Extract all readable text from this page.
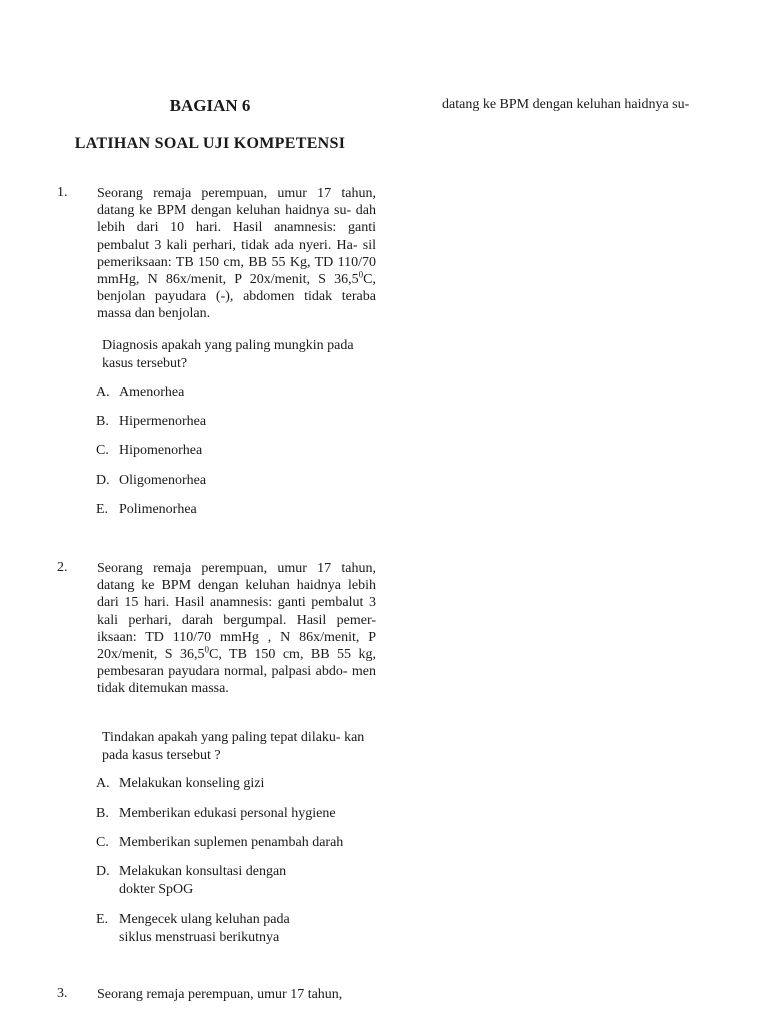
BAGIAN 6
LATIHAN SOAL UJI KOMPETENSI
datang ke BPM dengan keluhan haidnya su-
1. Seorang remaja perempuan, umur 17 tahun, datang ke BPM dengan keluhan haidnya su- dah lebih dari 10 hari. Hasil anamnesis: ganti pembalut 3 kali perhari, tidak ada nyeri. Ha- sil pemeriksaan: TB 150 cm, BB 55 Kg, TD 110/70 mmHg, N 86x/menit, P 20x/menit, S 36,5$^0$C, benjolan payudara (-), abdomen tidak teraba massa dan benjolan.
Diagnosis apakah yang paling mungkin pada kasus tersebut?
A. Amenorhea
B. Hipermenorhea
C. Hipomenorhea
D. Oligomenorhea
E. Polimenorhea
2. Seorang remaja perempuan, umur 17 tahun, datang ke BPM dengan keluhan haidnya lebih dari 15 hari. Hasil anamnesis: ganti pembalut 3 kali perhari, darah bergumpal. Hasil pemer- iksaan: TD 110/70 mmHg , N 86x/menit, P 20x/menit, S 36,5$^0$C, TB 150 cm, BB 55 kg, pembesaran payudara normal, palpasi abdo- men tidak ditemukan massa.
Tindakan apakah yang paling tepat dilaku- kan pada kasus tersebut ?
A. Melakukan konseling gizi
B. Memberikan edukasi personal hygiene
C. Memberikan suplemen penambah darah
D. Melakukan konsultasi dengan dokter SpOG
E. Mengecek ulang keluhan pada siklus menstruasi berikutnya
3. Seorang remaja perempuan, umur 17 tahun,
